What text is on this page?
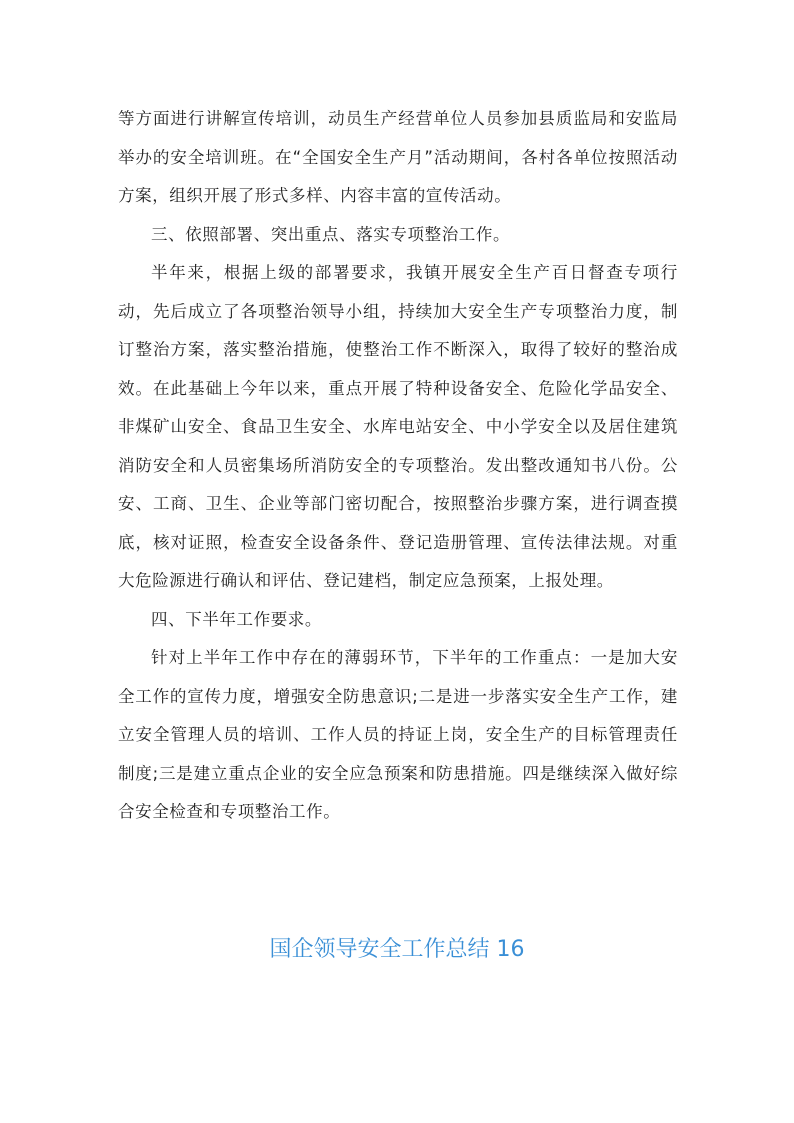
等方面进行讲解宣传培训，动员生产经营单位人员参加县质监局和安监局举办的安全培训班。在“全国安全生产月”活动期间，各村各单位按照活动方案，组织开展了形式多样、内容丰富的宣传活动。

三、依照部署、突出重点、落实专项整治工作。

半年来，根据上级的部署要求，我镇开展安全生产百日督查专项行动，先后成立了各项整治领导小组，持续加大安全生产专项整治力度，制订整治方案，落实整治措施，使整治工作不断深入，取得了较好的整治成效。在此基础上今年以来，重点开展了特种设备安全、危险化学品安全、非煤矿山安全、食品卫生安全、水库电站安全、中小学安全以及居住建筑消防安全和人员密集场所消防安全的专项整治。发出整改通知书八份。公安、工商、卫生、企业等部门密切配合，按照整治步骤方案，进行调查摸底，核对证照，检查安全设备条件、登记造册管理、宣传法律法规。对重大危险源进行确认和评估、登记建档，制定应急预案，上报处理。

四、下半年工作要求。

针对上半年工作中存在的薄弱环节，下半年的工作重点：一是加大安全工作的宣传力度，增强安全防患意识;二是进一步落实安全生产工作，建立安全管理人员的培训、工作人员的持证上岗，安全生产的目标管理责任制度;三是建立重点企业的安全应急预案和防患措施。四是继续深入做好综合安全检查和专项整治工作。

国企领导安全工作总结 16
